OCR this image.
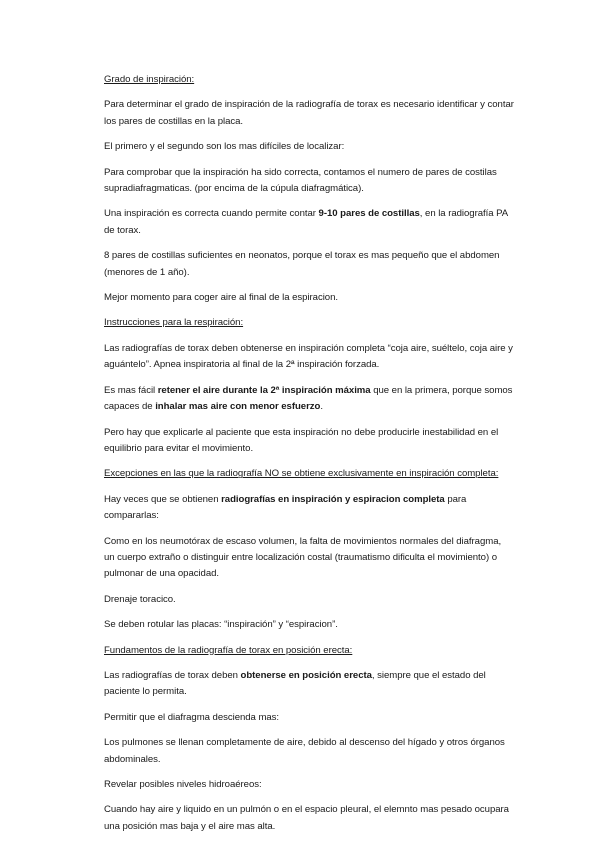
Grado de inspiración:

Para determinar el grado de inspiración de la radiografía de torax es necesario identificar y contar los pares de costillas en la placa.

El primero y el segundo son los mas difíciles de localizar:

Para comprobar que la inspiración ha sido correcta, contamos el numero de pares de costilas supradiafragmaticas. (por encima de la cúpula diafragmática).

Una inspiración es correcta cuando permite contar 9-10 pares de costillas, en la radiografía PA de torax.

8 pares de costillas suficientes en neonatos, porque el torax es mas pequeño que el abdomen (menores de 1 año).

Mejor momento para coger aire al final de la espiracion.

Instrucciones para la respiración:

Las radiografías de torax deben obtenerse en inspiración completa “coja aire, suéltelo, coja aire y aguántelo”. Apnea inspiratoria al final de la 2ª inspiración forzada.

Es mas fácil retener el aire durante la 2ª inspiración máxima que en la primera, porque somos capaces de inhalar mas aire con menor esfuerzo.

Pero hay que explicarle al paciente que esta inspiración no debe producirle inestabilidad en el equilibrio para evitar el movimiento.

Excepciones en las que la radiografía NO se obtiene exclusivamente en inspiración completa:

Hay veces que se obtienen radiografías en inspiración y espiracion completa para compararlas:

Como en los neumotórax de escaso volumen, la falta de movimientos normales del diafragma, un cuerpo extraño o distinguir entre localización costal (traumatismo dificulta el movimiento) o pulmonar de una opacidad.

Drenaje toracico.

Se deben rotular las placas: “inspiración” y “espiracion”.

Fundamentos de la radiografía de torax en posición erecta:

Las radiografías de torax deben obtenerse en posición erecta, siempre que el estado del paciente lo permita.

Permitir que el diafragma descienda mas:

Los pulmones se llenan completamente de aire, debido al descenso del hígado y otros órganos abdominales.

Revelar posibles niveles hidroaéreos:

Cuando hay aire y liquido en un pulmón o en el espacio pleural, el elemnto mas pesado ocupara una posición mas baja y el aire mas alta.
